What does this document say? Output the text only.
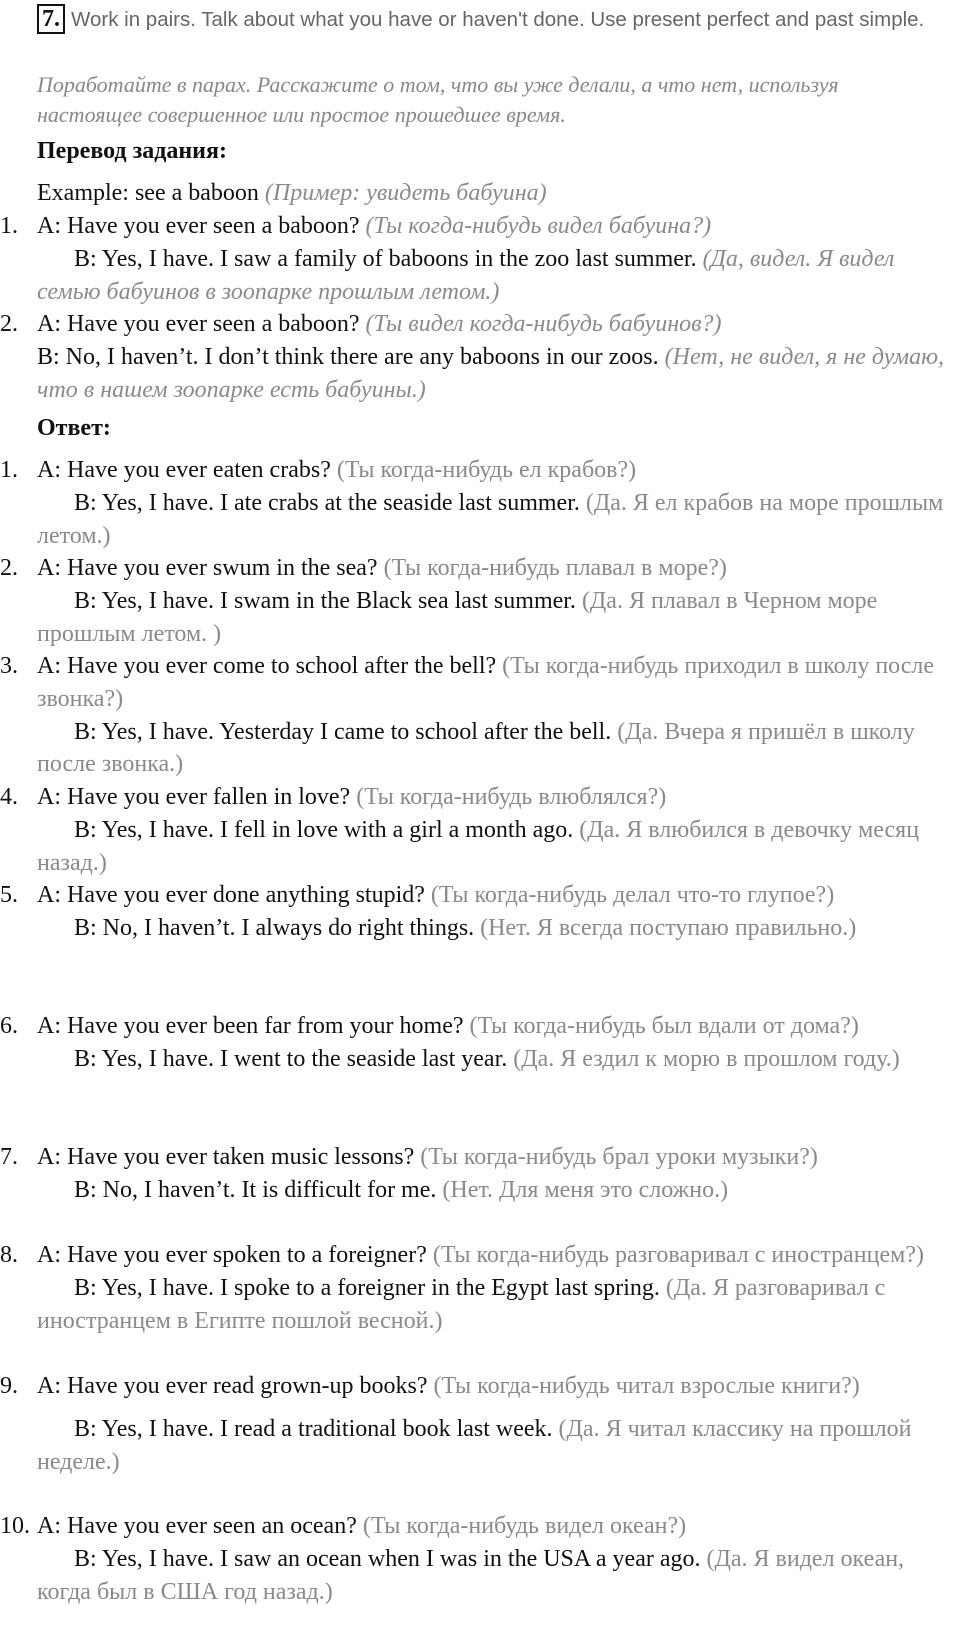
7. Work in pairs. Talk about what you have or haven't done. Use present perfect and past simple.
Поработайте в парах. Расскажите о том, что вы уже делали, а что нет, используя настоящее совершенное или простое прошедшее время.
Перевод задания:
Example: see a baboon (Пример: увидеть бабуина)
1. A: Have you ever seen a baboon? (Ты когда-нибудь видел бабуина?)
B: Yes, I have. I saw a family of baboons in the zoo last summer. (Да, видел. Я видел семью бабуинов в зоопарке прошлым летом.)
2. A: Have you ever seen a baboon? (Ты видел когда-нибудь бабуинов?)
B: No, I haven’t. I don’t think there are any baboons in our zoos. (Нет, не видел, я не думаю, что в нашем зоопарке есть бабуины.)
Ответ:
1. A: Have you ever eaten crabs? (Ты когда-нибудь ел крабов?)
B: Yes, I have. I ate crabs at the seaside last summer. (Да. Я ел крабов на море прошлым летом.)
2. A: Have you ever swum in the sea? (Ты когда-нибудь плавал в море?)
B: Yes, I have. I swam in the Black sea last summer. (Да. Я плавал в Черном море прошлым летом. )
3. A: Have you ever come to school after the bell? (Ты когда-нибудь приходил в школу после звонка?)
B: Yes, I have. Yesterday I came to school after the bell. (Да. Вчера я пришёл в школу после звонка.)
4. A: Have you ever fallen in love? (Ты когда-нибудь влюблялся?)
B: Yes, I have. I fell in love with a girl a month ago. (Да. Я влюбился в девочку месяц назад.)
5. A: Have you ever done anything stupid? (Ты когда-нибудь делал что-то глупое?)
B: No, I haven’t. I always do right things. (Нет. Я всегда поступаю правильно.)
6. A: Have you ever been far from your home? (Ты когда-нибудь был вдали от дома?)
B: Yes, I have. I went to the seaside last year. (Да. Я ездил к морю в прошлом году.)
7. A: Have you ever taken music lessons? (Ты когда-нибудь брал уроки музыки?)
B: No, I haven’t. It is difficult for me. (Нет. Для меня это сложно.)
8. A: Have you ever spoken to a foreigner? (Ты когда-нибудь разговаривал с иностранцем?)
B: Yes, I have. I spoke to a foreigner in the Egypt last spring. (Да. Я разговаривал с иностранцем в Египте пошлой весной.)
9. A: Have you ever read grown-up books? (Ты когда-нибудь читал взрослые книги?)
B: Yes, I have. I read a traditional book last week. (Да. Я читал классику на прошлой неделе.)
10. A: Have you ever seen an ocean? (Ты когда-нибудь видел океан?)
B: Yes, I have. I saw an ocean when I was in the USA a year ago. (Да. Я видел океан, когда был в США год назад.)
